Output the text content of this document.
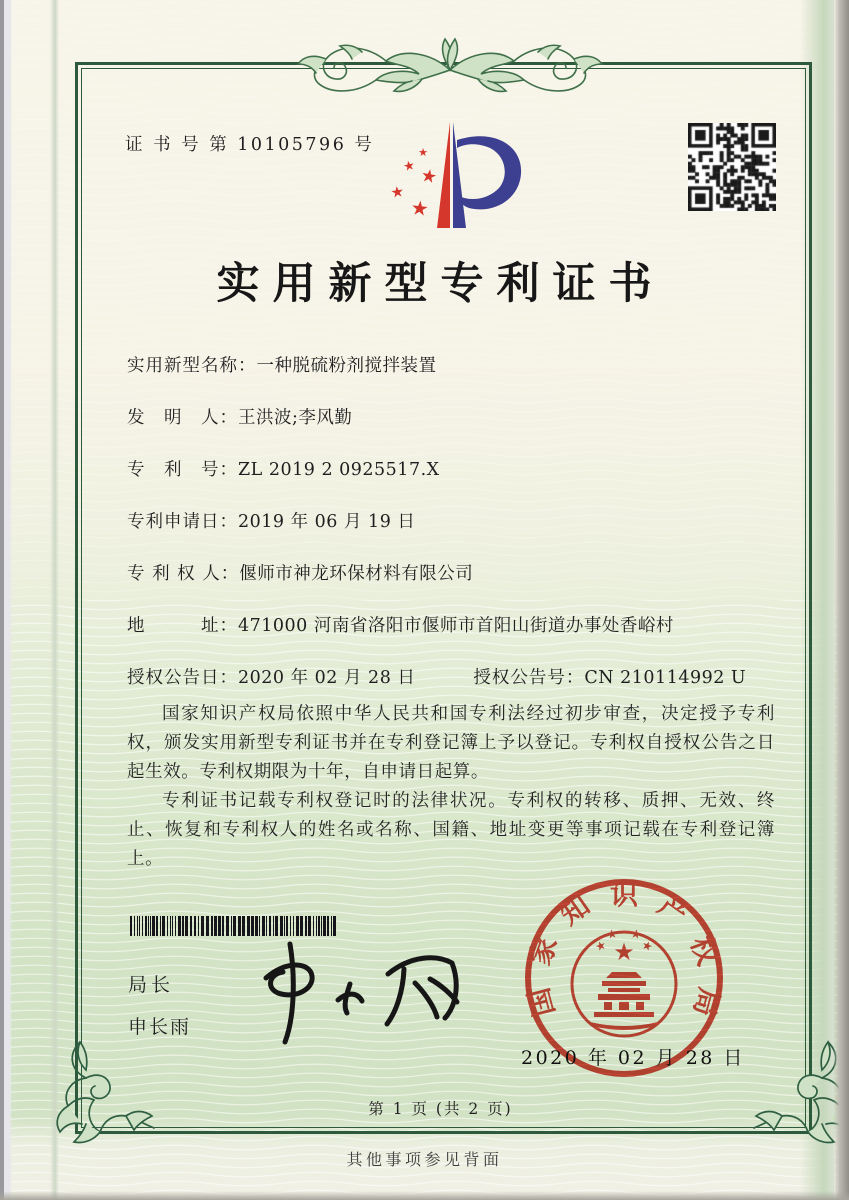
证 书 号 第 10105796 号	★
★ ★
★
★
实用新型专利证书
实用新型名称：一种脱硫粉剂搅拌装置
发　明　人：王洪波;李风勤
专　利　号：ZL 2019 2 0925517.X
专利申请日：2019 年 06 月 19 日
专 利 权 人：偃师市神龙环保材料有限公司
地　　　址：471000 河南省洛阳市偃师市首阳山街道办事处香峪村
授权公告日：2020 年 02 月 28 日	授权公告号：CN 210114992 U

国家知识产权局依照中华人民共和国专利法经过初步审查，决定授予专利权，颁发实用新型专利证书并在专利登记簿上予以登记。专利权自授权公告之日起生效。专利权期限为十年，自申请日起算。

专利证书记载专利权登记时的法律状况。专利权的转移、质押、无效、终止、恢复和专利权人的姓名或名称、国籍、地址变更等事项记载在专利登记簿上。

局长
申长雨
国
家
知 识 产
权
局
★
★
★ ★
★
2020 年 02 月 28 日
第 1 页 (共 2 页)
其他事项参见背面
